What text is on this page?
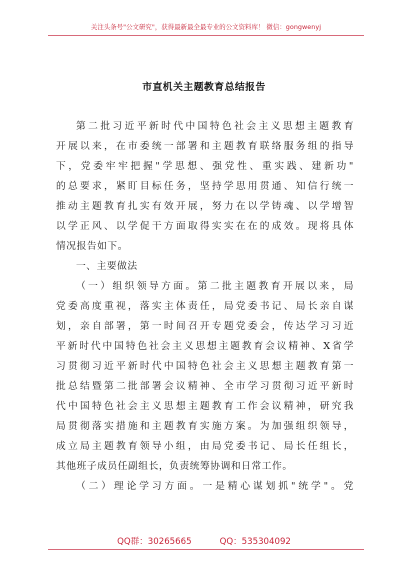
关注头条号"公文研究"，获得最新最全最专业的公文资料库！ 微信：gongwenyj
市直机关主题教育总结报告
第二批习近平新时代中国特色社会主义思想主题教育
开展以来，在市委统一部署和主题教育联络服务组的指导
下，党委牢牢把握"学思想、强党性、重实践、建新功"
的总要求，紧盯目标任务，坚持学思用贯通、知信行统一
推动主题教育扎实有效开展，努力在以学铸魂、以学增智
以学正风、以学促干方面取得实实在在的成效。现将具体
情况报告如下。
一、主要做法
（一）组织领导方面。第二批主题教育开展以来，局
党委高度重视，落实主体责任，局党委书记、局长亲自谋
划，亲自部署，第一时间召开专题党委会，传达学习习近
平新时代中国特色社会主义思想主题教育会议精神、X省学
习贯彻习近平新时代中国特色社会主义思想主题教育第一
批总结暨第二批部署会议精神、全市学习贯彻习近平新时
代中国特色社会主义思想主题教育工作会议精神，研究我
局贯彻落实措施和主题教育实施方案。为加强组织领导，
成立局主题教育领导小组，由局党委书记、局长任组长，
其他班子成员任副组长，负责统筹协调和日常工作。
（二）理论学习方面。一是精心谋划抓"统学"。党
QQ群：30265665	QQ：535304092
